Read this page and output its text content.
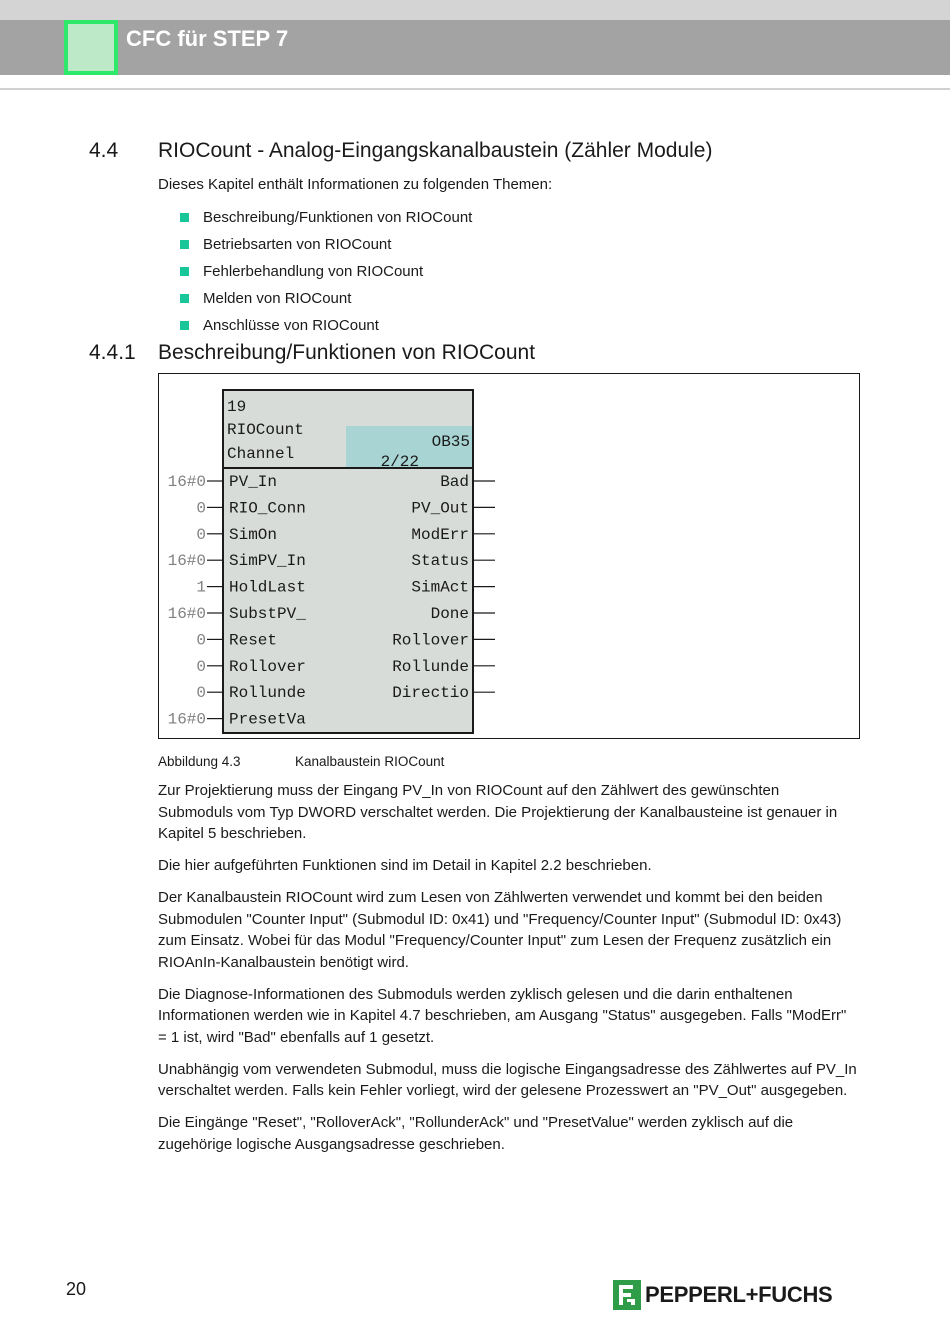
CFC für STEP 7
4.4 RIOCount - Analog-Eingangskanalbaustein (Zähler Module)
Dieses Kapitel enthält Informationen zu folgenden Themen:
Beschreibung/Funktionen von RIOCount
Betriebsarten von RIOCount
Fehlerbehandlung von RIOCount
Melden von RIOCount
Anschlüsse von RIOCount
4.4.1 Beschreibung/Funktionen von RIOCount
19
RIOCount
Channel
OB35
2/22
16#0 PV_In
0 RIO_Conn
0 SimOn
16#0 SimPV_In
1 HoldLast
16#0 SubstPV_
0 Reset
0 Rollover
0 Rollunde
16#0 PresetVa
Bad
PV_Out
ModErr
Status
SimAct
Done
Rollover
Rollunde
Directio
Abbildung 4.3	Kanalbaustein RIOCount

Zur Projektierung muss der Eingang PV_In von RIOCount auf den Zählwert des gewünschten Submoduls vom Typ DWORD verschaltet werden. Die Projektierung der Kanalbausteine ist genauer in Kapitel 5 beschrieben.

Die hier aufgeführten Funktionen sind im Detail in Kapitel 2.2 beschrieben.

Der Kanalbaustein RIOCount wird zum Lesen von Zählwerten verwendet und kommt bei den beiden Submodulen "Counter Input" (Submodul ID: 0x41) und "Frequency/Counter Input" (Submodul ID: 0x43) zum Einsatz. Wobei für das Modul "Frequency/Counter Input" zum Lesen der Frequenz zusätzlich ein RIOAnIn-Kanalbaustein benötigt wird.

Die Diagnose-Informationen des Submoduls werden zyklisch gelesen und die darin enthaltenen Informationen werden wie in Kapitel 4.7 beschrieben, am Ausgang "Status" ausgegeben. Falls "ModErr" = 1 ist, wird "Bad" ebenfalls auf 1 gesetzt.

Unabhängig vom verwendeten Submodul, muss die logische Eingangsadresse des Zählwertes auf PV_In verschaltet werden. Falls kein Fehler vorliegt, wird der gelesene Prozesswert an "PV_Out" ausgegeben.

Die Eingänge "Reset", "RolloverAck", "RollunderAck" und "PresetValue" werden zyklisch auf die zugehörige logische Ausgangsadresse geschrieben.

20	PEPPERL+FUCHS
